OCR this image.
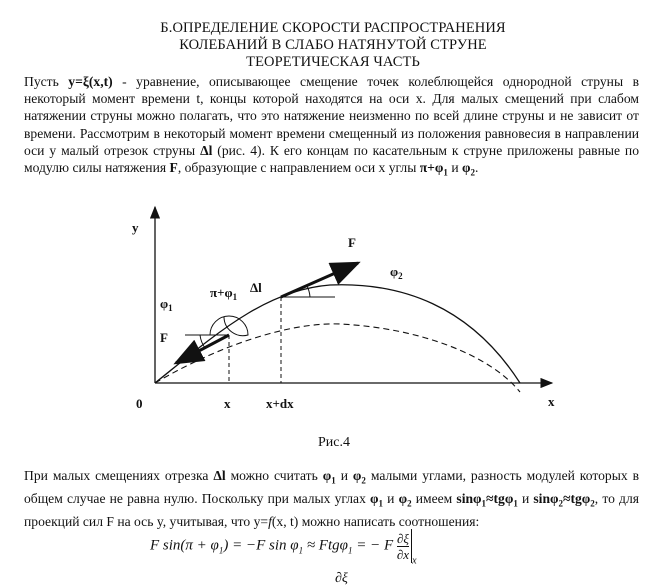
Б.ОПРЕДЕЛЕНИЕ СКОРОСТИ РАСПРОСТРАНЕНИЯ
КОЛЕБАНИЙ В СЛАБО НАТЯНУТОЙ СТРУНЕ
ТЕОРЕТИЧЕСКАЯ ЧАСТЬ
Пусть y=ξ(x,t) - уравнение, описывающее смещение точек колеблющейся однородной струны в некоторый момент времени t, концы которой находятся на оси x. Для малых смещений при слабом натяжении струны можно полагать, что это натяжение неизменно по всей длине струны и не зависит от времени. Рассмотрим в некоторый момент времени смещенный из положения равновесия в направлении оси y малый отрезок струны Δl (рис. 4). К его концам по касательным к струне приложены равные по модулю силы натяжения F, образующие с направлением оси x углы $\pi+\varphi_1$ и $\varphi_2$.
y
x
0	x	x+dx
F
F
$\varphi_1$
$\varphi_2$
$\pi+\varphi_1$
Δl
Рис.4
При малых смещениях отрезка Δl можно считать $\varphi_1$ и $\varphi_2$ малыми углами, разность модулей которых в общем случае не равна нулю. Поскольку при малых углах $\varphi_1$ и $\varphi_2$ имеем sinφ$_1$≈tgφ$_1$ и sinφ$_2$≈tgφ$_2$, то для проекций сил F на ось y, учитывая, что y=f(x, t) можно написать соотношения:
F $\sin(\pi + \varphi_1) = -F$ $\sin \varphi_1 \approx Ftg\varphi_1$ = − F $\frac{\partial\xi}{\partial x} _x$
∂ξ
